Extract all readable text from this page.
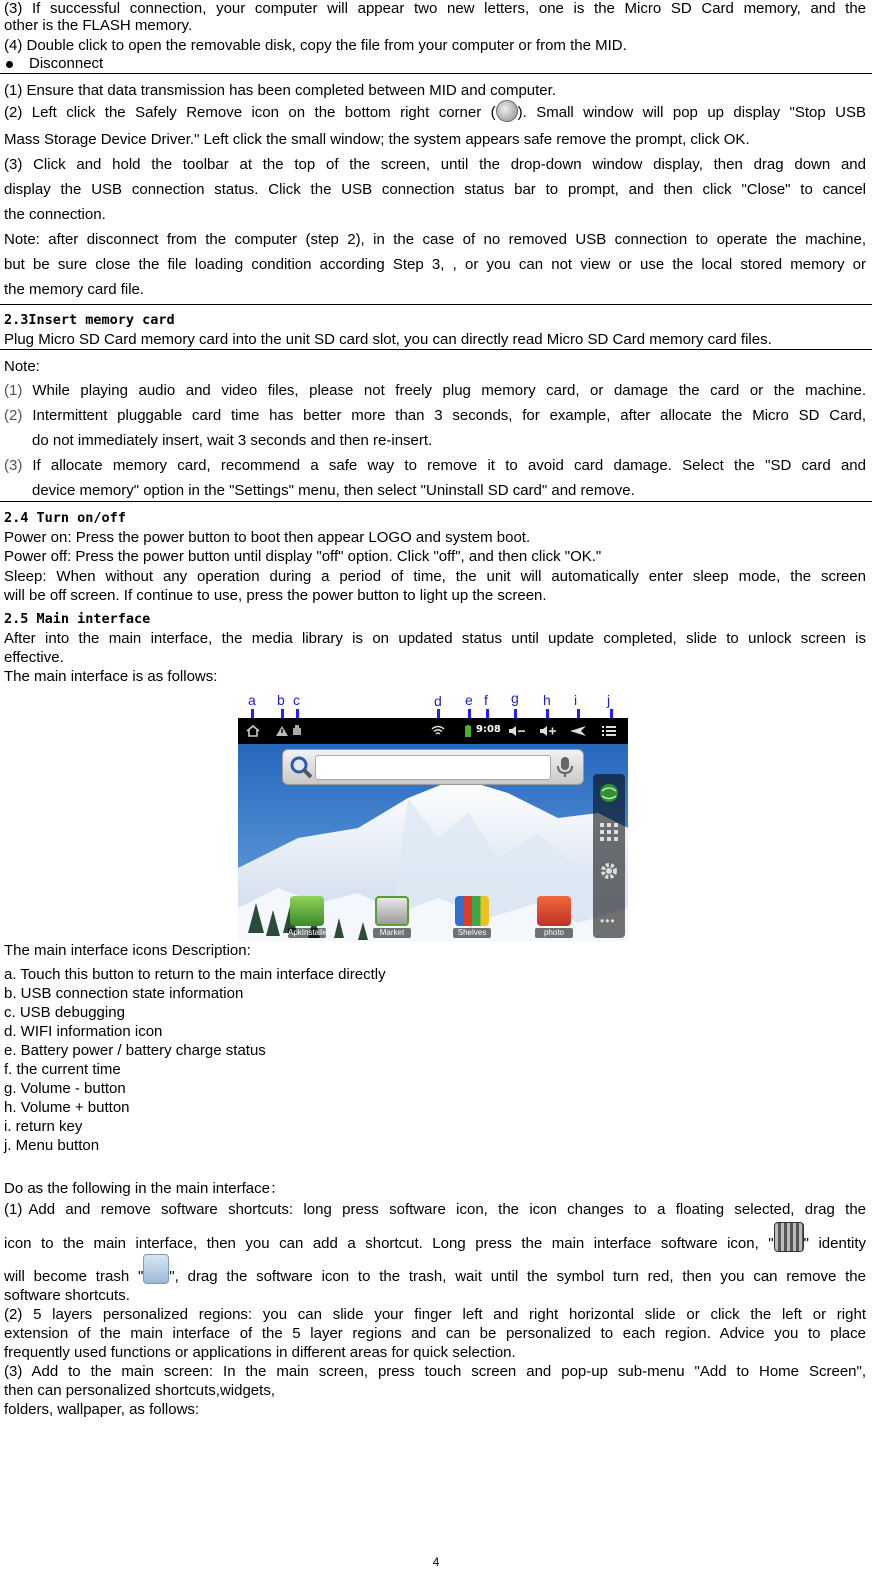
(3) If successful connection, your computer will appear two new letters, one is the Micro SD Card memory, and the
other is the FLASH memory.
(4) Double click to open the removable disk, copy the file from your computer or from the MID.
Disconnect
(1) Ensure that data transmission has been completed between MID and computer.
(2) Left click the Safely Remove icon on the bottom right corner ( ). Small window will pop up display "Stop USB
Mass Storage Device Driver." Left click the small window; the system appears safe remove the prompt, click OK.
(3) Click and hold the toolbar at the top of the screen, until the drop-down window display, then drag down and
display the USB connection status. Click the USB connection status bar to prompt, and then click "Close" to cancel
the connection.
Note: after disconnect from the computer (step 2), in the case of no removed USB connection to operate the machine,
but be sure close the file loading condition according Step 3, , or you can not view or use the local stored memory or
the memory card file.
2.3Insert memory card
Plug Micro SD Card memory card into the unit SD card slot, you can directly read Micro SD Card memory card files.
Note:
(1) While playing audio and video files, please not freely plug memory card, or damage the card or the machine.
(2) Intermittent pluggable card time has better more than 3 seconds, for example, after allocate the Micro SD Card,
do not immediately insert, wait 3 seconds and then re-insert.
(3) If allocate memory card, recommend a safe way to remove it to avoid card damage. Select the "SD card and
device memory" option in the "Settings" menu, then select "Uninstall SD card" and remove.
2.4 Turn on/off
Power on: Press the power button to boot then appear LOGO and system boot.
Power off: Press the power button until display "off" option. Click "off", and then click "OK."
Sleep: When without any operation during a period of time, the unit will automatically enter sleep mode, the screen
will be off screen. If continue to use, press the power button to light up the screen.
2.5 Main interface
After into the main interface, the media library is on updated status until update completed, slide to unlock screen is
effective.
The main interface is as follows:
a b c	d e f g h i j
9:08
•••
ApkInstaller	Market	Shelves	photo
The main interface icons Description:
a. Touch this button to return to the main interface directly
b. USB connection state information
c. USB debugging
d. WIFI information icon
e. Battery power / battery charge status
f. the current time
g. Volume - button
h. Volume + button
i. return key
j. Menu button
Do as the following in the main interface：
(1) Add and remove software shortcuts: long press software icon, the icon changes to a floating selected, drag the
icon to the main interface, then you can add a shortcut. Long press the main interface software icon, " " identity
will become trash " ", drag the software icon to the trash, wait until the symbol turn red, then you can remove the
software shortcuts.
(2) 5 layers personalized regions: you can slide your finger left and right horizontal slide or click the left or right
extension of the main interface of the 5 layer regions and can be personalized to each region. Advice you to place
frequently used functions or applications in different areas for quick selection.
(3) Add to the main screen: In the main screen, press touch screen and pop-up sub-menu "Add to Home Screen",
then can personalized shortcuts,widgets,
folders, wallpaper, as follows:
4
